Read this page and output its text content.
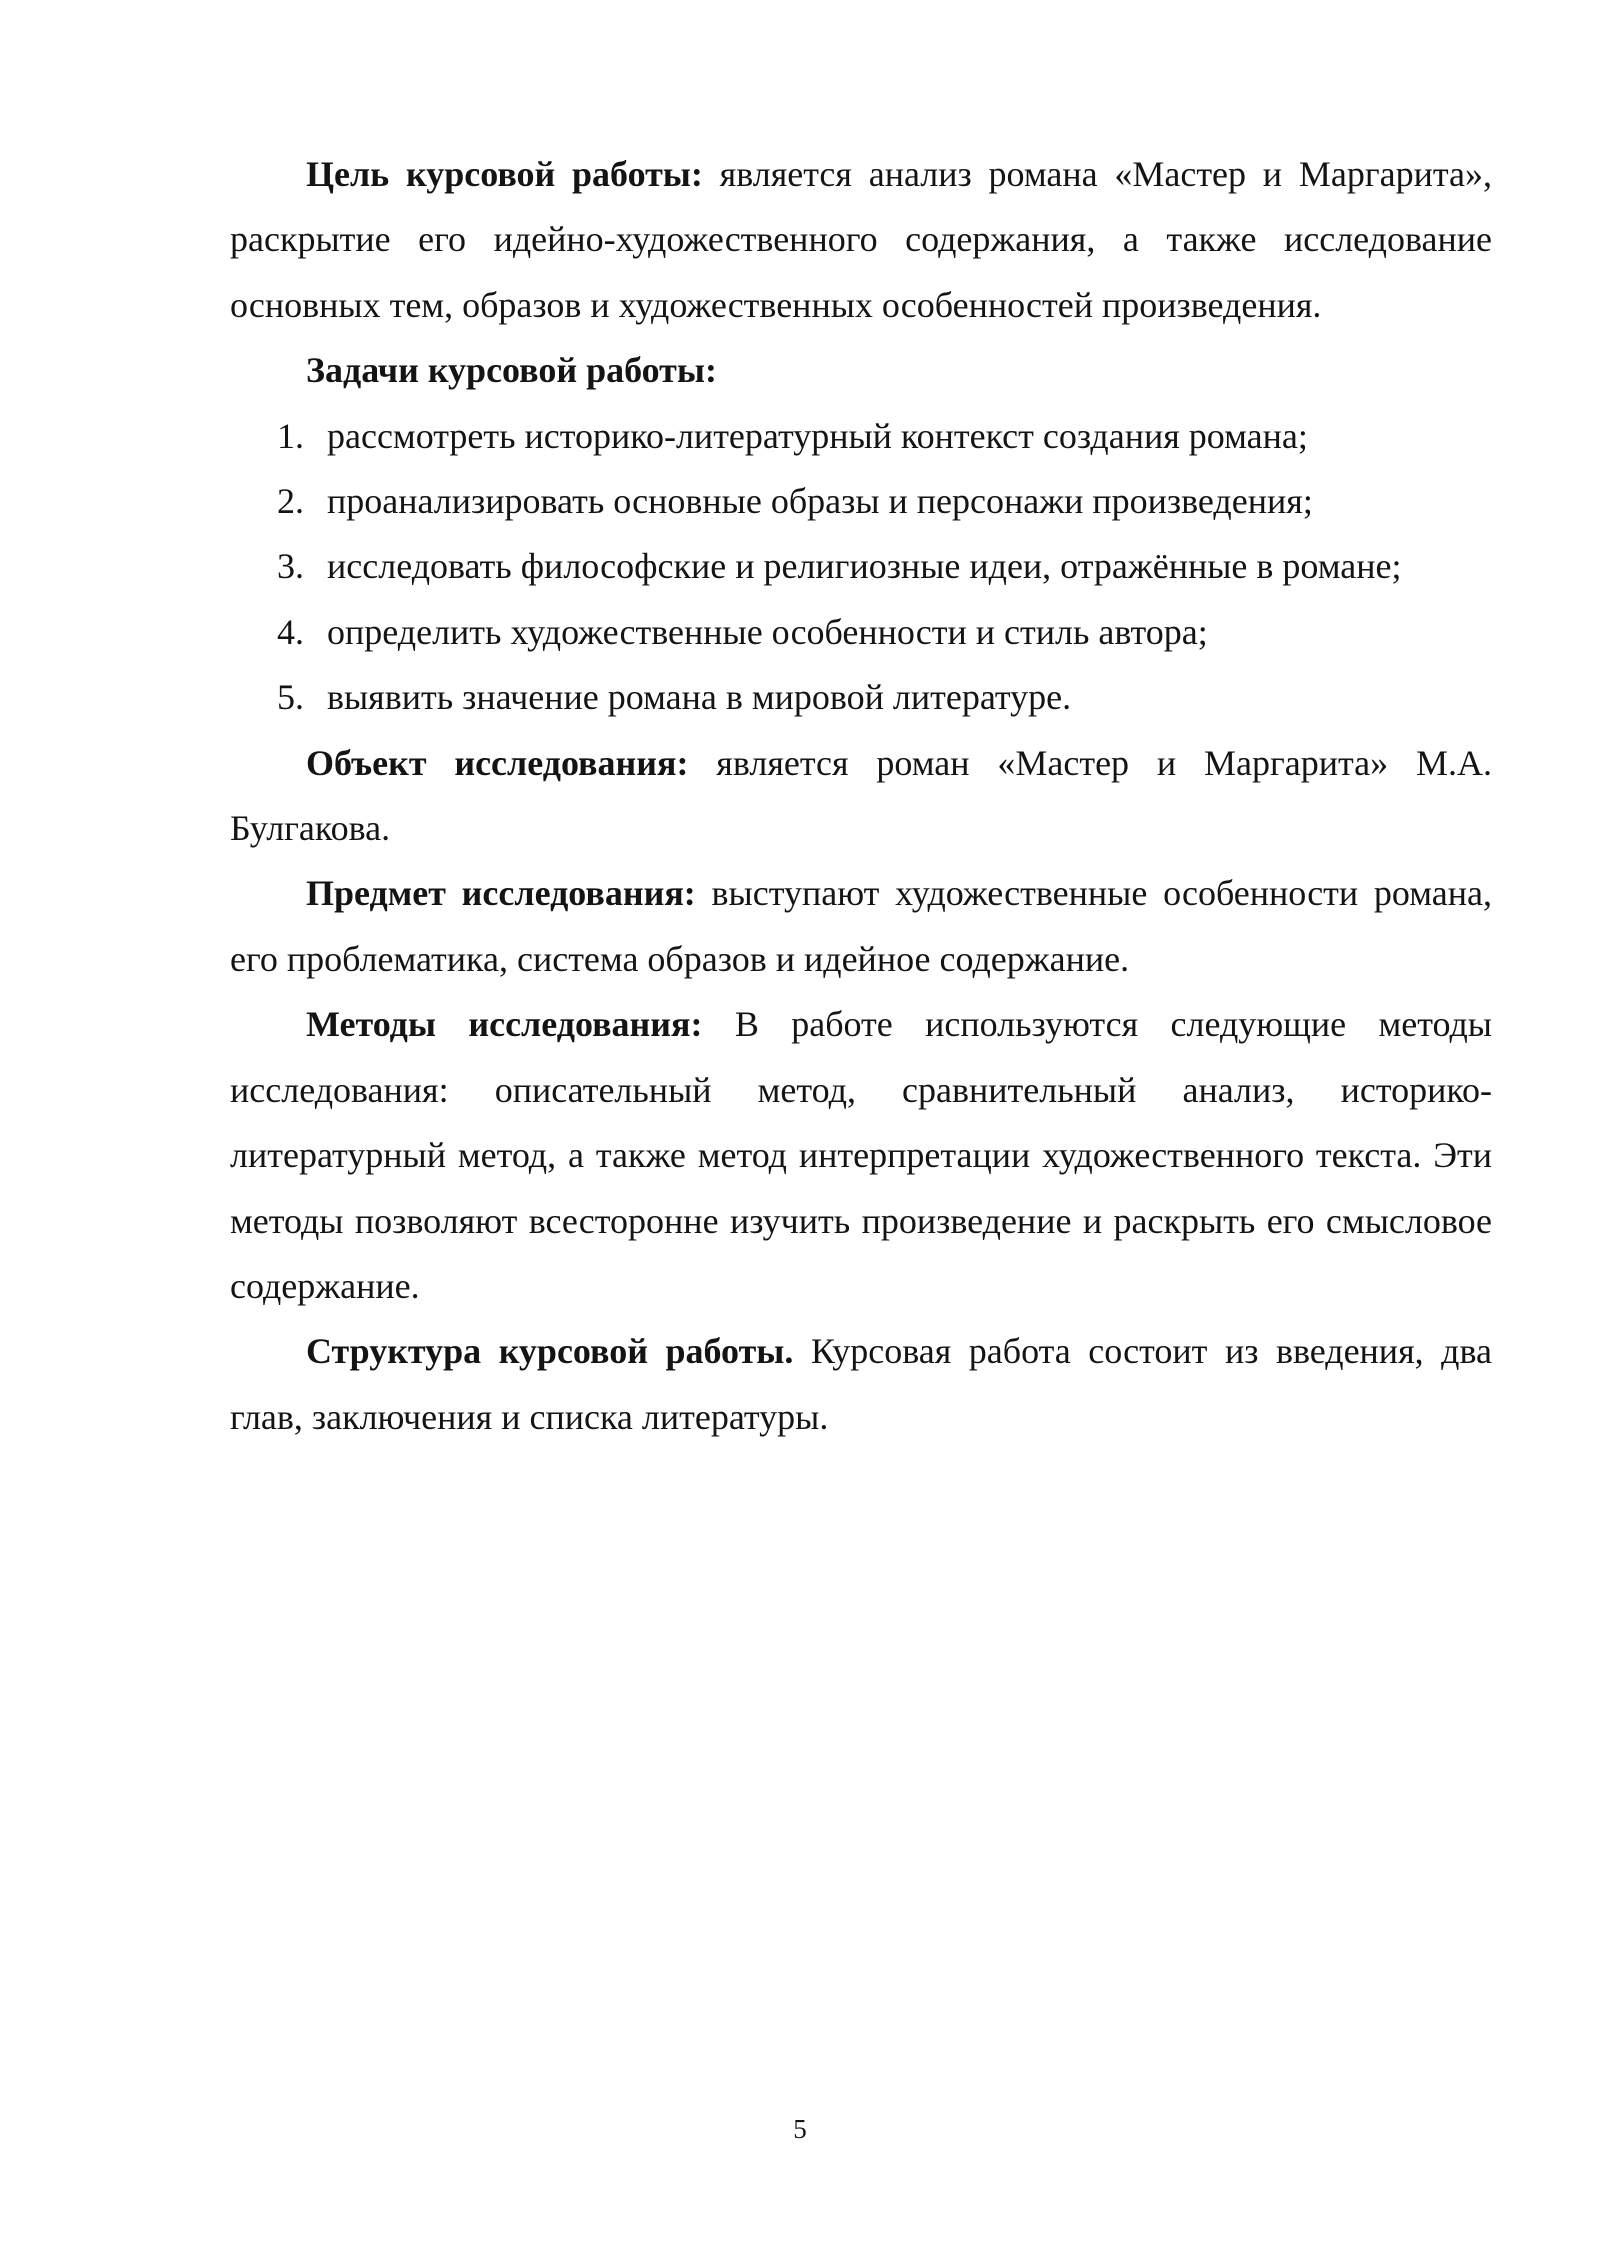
Цель курсовой работы: является анализ романа «Мастер и Маргарита», раскрытие его идейно-художественного содержания, а также исследование основных тем, образов и художественных особенностей произведения.

Задачи курсовой работы:

1. рассмотреть историко-литературный контекст создания романа;
2. проанализировать основные образы и персонажи произведения;
3. исследовать философские и религиозные идеи, отражённые в романе;
4. определить художественные особенности и стиль автора;
5. выявить значение романа в мировой литературе.

Объект исследования: является роман «Мастер и Маргарита» М.А. Булгакова.

Предмет исследования: выступают художественные особенности романа, его проблематика, система образов и идейное содержание.

Методы исследования: В работе используются следующие методы исследования: описательный метод, сравнительный анализ, историко-литературный метод, а также метод интерпретации художественного текста. Эти методы позволяют всесторонне изучить произведение и раскрыть его смысловое содержание.

Структура курсовой работы. Курсовая работа состоит из введения, два глав, заключения и списка литературы.

5
